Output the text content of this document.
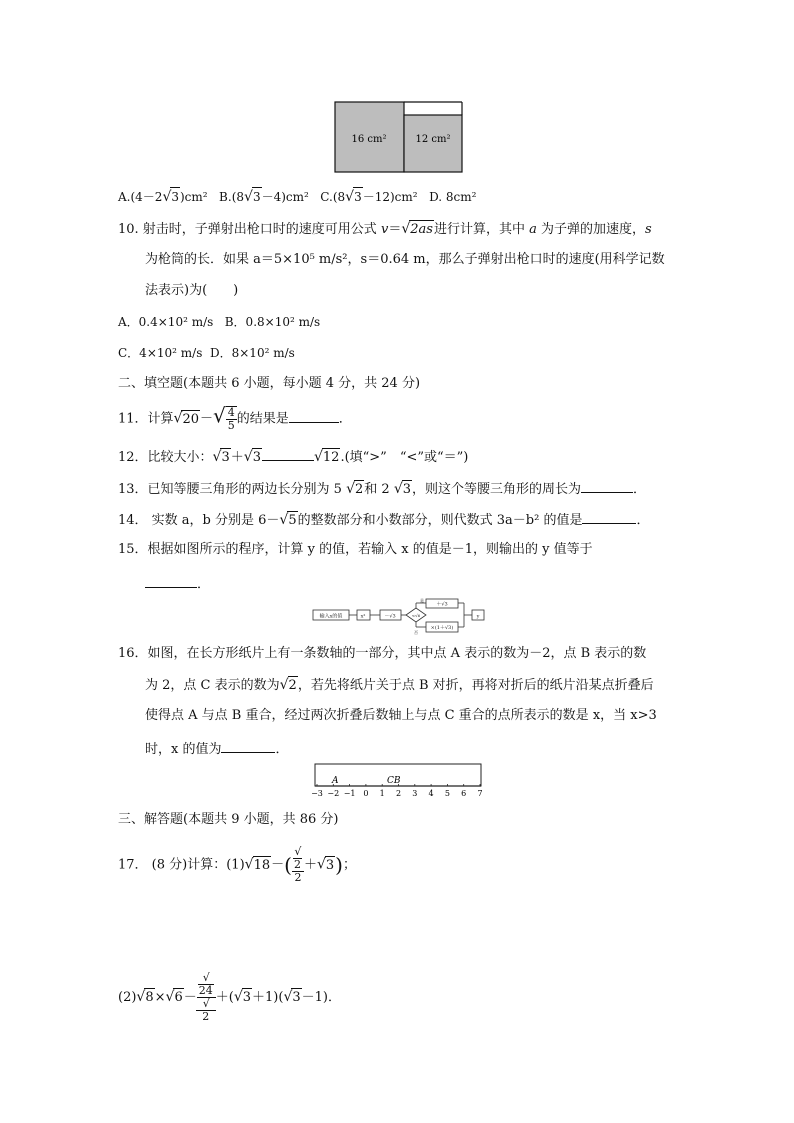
16 cm²	12 cm²
A.(4－2√3)cm² B.(8√3－4)cm² C.(8√3－12)cm² D. 8cm²
10. 射击时，子弹射出枪口时的速度可用公式 v＝√2as进行计算，其中 a 为子弹的加速度，s
为枪筒的长．如果 a＝5×10⁵ m/s²，s＝0.64 m，那么子弹射出枪口时的速度(用科学记数
法表示)为(　　)
A．0.4×10² m/s B．0.8×10² m/s
C．4×10² m/s D．8×10² m/s
二、填空题(本题共 6 小题，每小题 4 分，共 24 分)
11．计算$√20-√ \frac{4}{5}$ 的结果是	．
12．比较大小：√3＋√3	√12.(填“>”　“<”或“＝”)
13．已知等腰三角形的两边长分别为 5 √2和 2 √3，则这个等腰三角形的周长为	．
14． 实数 a，b 分别是 6－√5的整数部分和小数部分，则代数式 3a－b² 的值是	．
15．根据如图所示的程序，计算 y 的值，若输入 x 的值是－1，则输出的 y 值等于
．
输入x的值	x²	－√3	<√6
是
否
＋√3
×(1＋√3)
y
16．如图，在长方形纸片上有一条数轴的一部分，其中点 A 表示的数为－2，点 B 表示的数
为 2，点 C 表示的数为√2，若先将纸片关于点 B 对折，再将对折后的纸片沿某点折叠后
使得点 A 与点 B 重合，经过两次折叠后数轴上与点 C 重合的点所表示的数是 x，当 x>3
时，x 的值为	．
−3 −2 −1 0 1 2 3 4 5 6 7
A	CB
三、解答题(本题共 9 小题，共 86 分)
17． (8 分)计算：(1)√18－( √
2
2 ＋√3)；
(2)√8×√6－ √
24
√
2 ＋(√3＋1)(√3－1)．
